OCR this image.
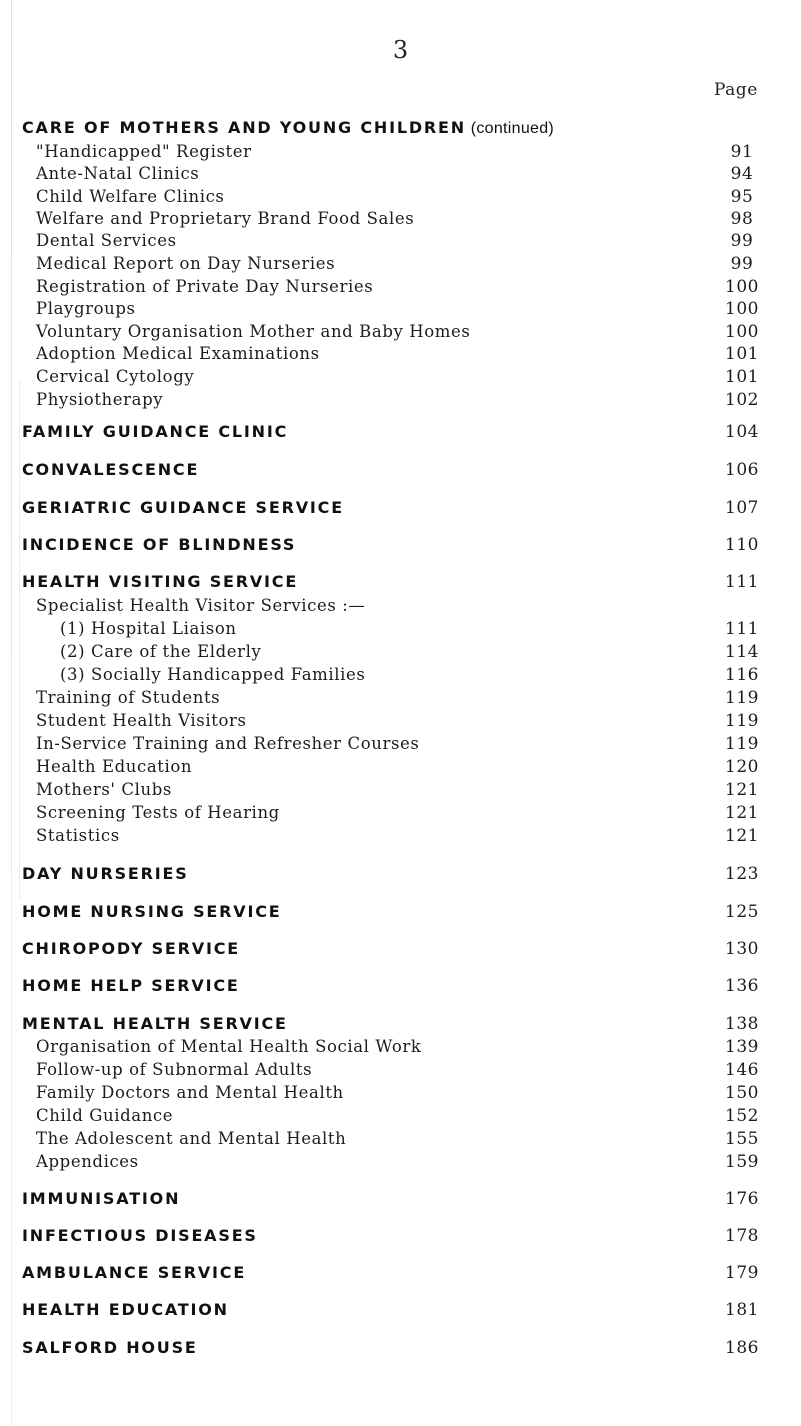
3
Page
CARE OF MOTHERS AND YOUNG CHILDREN (continued)
"Handicapped" Register	91
Ante-Natal Clinics	94
Child Welfare Clinics	95
Welfare and Proprietary Brand Food Sales	98
Dental Services	99
Medical Report on Day Nurseries	99
Registration of Private Day Nurseries	100
Playgroups	100
Voluntary Organisation Mother and Baby Homes	100
Adoption Medical Examinations	101
Cervical Cytology	101
Physiotherapy	102
FAMILY GUIDANCE CLINIC	104
CONVALESCENCE	106
GERIATRIC GUIDANCE SERVICE	107
INCIDENCE OF BLINDNESS	110
HEALTH VISITING SERVICE	111
Specialist Health Visitor Services :—
(1) Hospital Liaison	111
(2) Care of the Elderly	114
(3) Socially Handicapped Families	116
Training of Students	119
Student Health Visitors	119
In-Service Training and Refresher Courses	119
Health Education	120
Mothers' Clubs	121
Screening Tests of Hearing	121
Statistics	121
DAY NURSERIES	123
HOME NURSING SERVICE	125
CHIROPODY SERVICE	130
HOME HELP SERVICE	136
MENTAL HEALTH SERVICE	138
Organisation of Mental Health Social Work	139
Follow-up of Subnormal Adults	146
Family Doctors and Mental Health	150
Child Guidance	152
The Adolescent and Mental Health	155
Appendices	159
IMMUNISATION	176
INFECTIOUS DISEASES	178
AMBULANCE SERVICE	179
HEALTH EDUCATION	181
SALFORD HOUSE	186
